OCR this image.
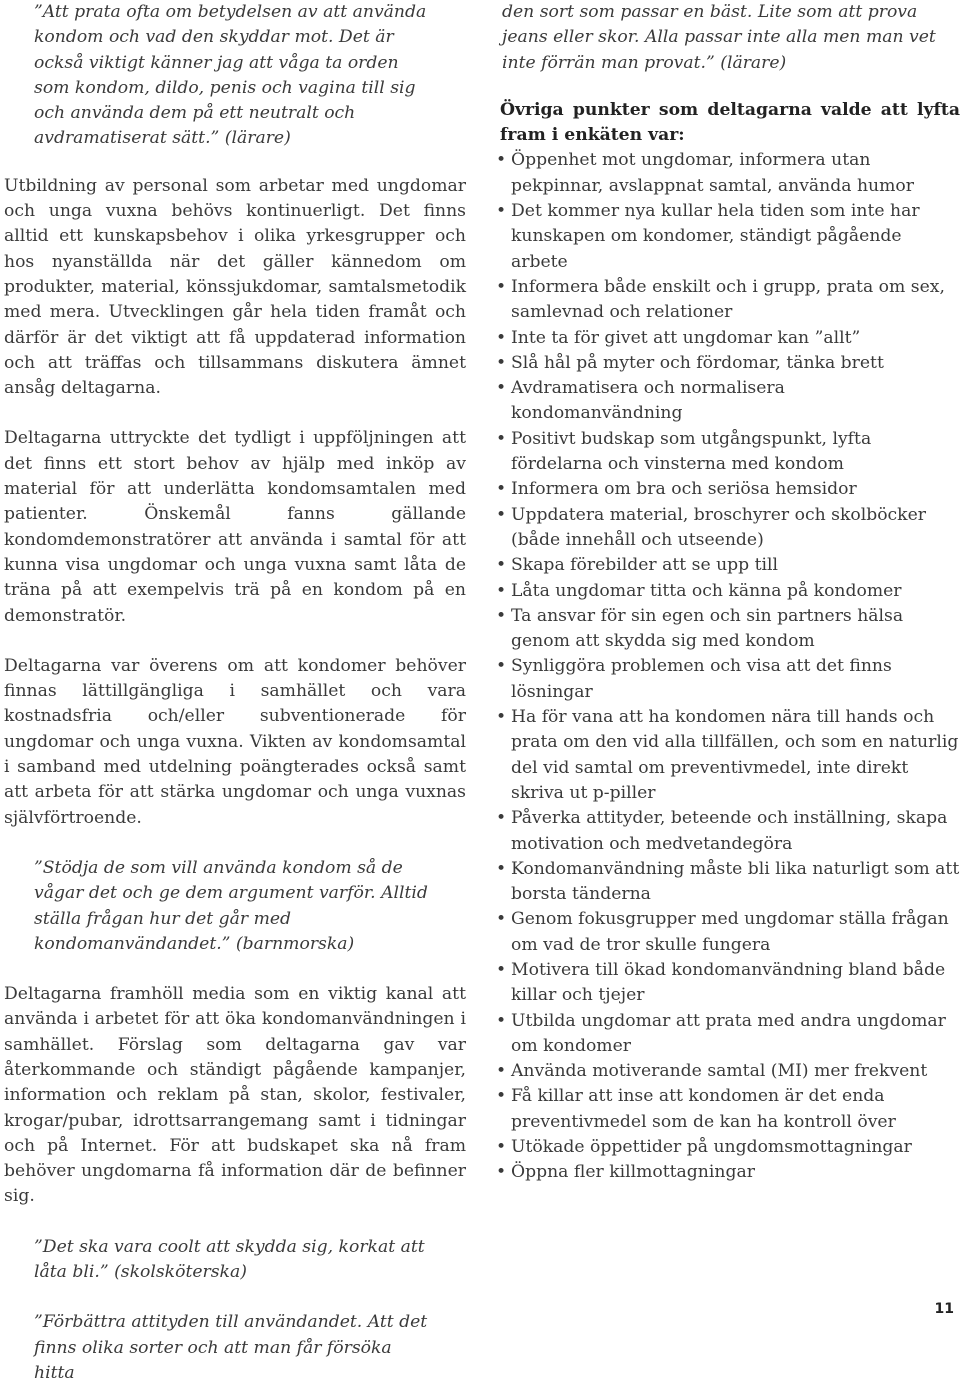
”Att prata ofta om betydelsen av att använda kondom och vad den skyddar mot. Det är också viktigt känner jag att våga ta orden som kondom, dildo, penis och vagina till sig och använda dem på ett neutralt och avdramatiserat sätt.” (lärare)

Utbildning av personal som arbetar med ungdomar och unga vuxna behövs kontinuerligt. Det finns alltid ett kunskapsbehov i olika yrkesgrupper och hos nyanställda när det gäller kännedom om produkter, material, könssjukdomar, samtalsmetodik med mera. Utvecklingen går hela tiden framåt och därför är det viktigt att få uppdaterad information och att träffas och tillsammans diskutera ämnet ansåg deltagarna.

Deltagarna uttryckte det tydligt i uppföljningen att det finns ett stort behov av hjälp med inköp av material för att underlätta kondomsamtalen med patienter. Önskemål fanns gällande kondomdemonstratörer att använda i samtal för att kunna visa ungdomar och unga vuxna samt låta de träna på att exempelvis trä på en kondom på en demonstratör.

Deltagarna var överens om att kondomer behöver finnas lättillgängliga i samhället och vara kostnadsfria och/eller subventionerade för ungdomar och unga vuxna. Vikten av kondomsamtal i samband med utdelning poängterades också samt att arbeta för att stärka ungdomar och unga vuxnas självförtroende.

”Stödja de som vill använda kondom så de vågar det och ge dem argument varför. Alltid ställa frågan hur det går med kondomanvändandet.” (barnmorska)

Deltagarna framhöll media som en viktig kanal att använda i arbetet för att öka kondomanvändningen i samhället. Förslag som deltagarna gav var återkommande och ständigt pågående kampanjer, information och reklam på stan, skolor, festivaler, krogar/pubar, idrottsarrangemang samt i tidningar och på Internet. För att budskapet ska nå fram behöver ungdomarna få information där de befinner sig.

”Det ska vara coolt att skydda sig, korkat att låta bli.” (skolsköterska)

”Förbättra attityden till användandet. Att det finns olika sorter och att man får försöka hitta

den sort som passar en bäst. Lite som att prova jeans eller skor. Alla passar inte alla men man vet inte förrän man provat.” (lärare)

Övriga punkter som deltagarna valde att lyfta fram i enkäten var:

• Öppenhet mot ungdomar, informera utan pekpinnar, avslappnat samtal, använda humor
• Det kommer nya kullar hela tiden som inte har kunskapen om kondomer, ständigt pågående arbete
• Informera både enskilt och i grupp, prata om sex, samlevnad och relationer
• Inte ta för givet att ungdomar kan ”allt”
• Slå hål på myter och fördomar, tänka brett
• Avdramatisera och normalisera kondomanvändning
• Positivt budskap som utgångspunkt, lyfta fördelarna och vinsterna med kondom
• Informera om bra och seriösa hemsidor
• Uppdatera material, broschyrer och skolböcker (både innehåll och utseende)
• Skapa förebilder att se upp till
• Låta ungdomar titta och känna på kondomer
• Ta ansvar för sin egen och sin partners hälsa genom att skydda sig med kondom
• Synliggöra problemen och visa att det finns lösningar
• Ha för vana att ha kondomen nära till hands och prata om den vid alla tillfällen, och som en naturlig del vid samtal om preventivmedel, inte direkt skriva ut p-piller
• Påverka attityder, beteende och inställning, skapa motivation och medvetandegöra
• Kondomanvändning måste bli lika naturligt som att borsta tänderna
• Genom fokusgrupper med ungdomar ställa frågan om vad de tror skulle fungera
• Motivera till ökad kondomanvändning bland både killar och tjejer
• Utbilda ungdomar att prata med andra ungdomar om kondomer
• Använda motiverande samtal (MI) mer frekvent
• Få killar att inse att kondomen är det enda preventivmedel som de kan ha kontroll över
• Utökade öppettider på ungdomsmottagningar
• Öppna fler killmottagningar
11
